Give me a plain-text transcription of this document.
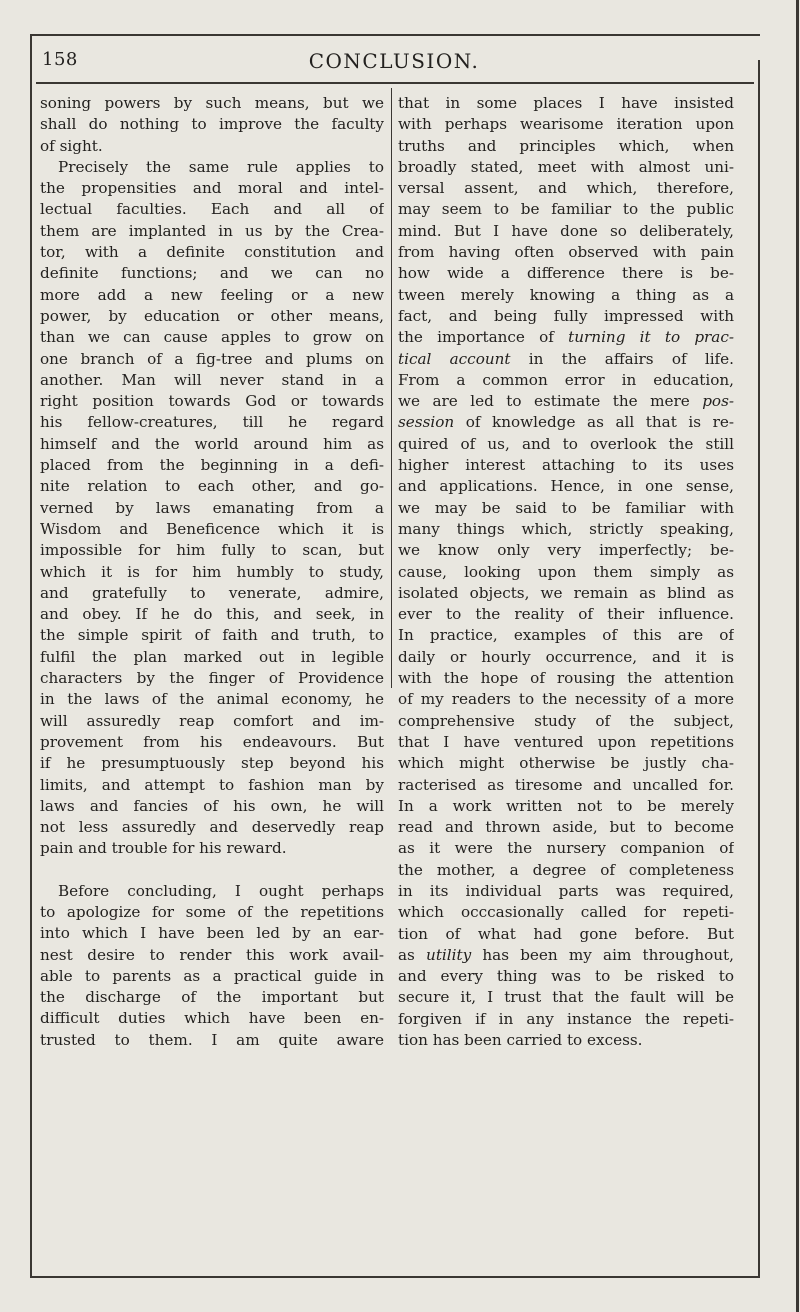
158	CONCLUSION.
soning powers by such means, but we
shall do nothing to improve the faculty
of sight.
Precisely the same rule applies to
the propensities and moral and intel-
lectual faculties. Each and all of
them are implanted in us by the Crea-
tor, with a definite constitution and
definite functions; and we can no
more add a new feeling or a new
power, by education or other means,
than we can cause apples to grow on
one branch of a fig-tree and plums on
another. Man will never stand in a
right position towards God or towards
his fellow-creatures, till he regard
himself and the world around him as
placed from the beginning in a defi-
nite relation to each other, and go-
verned by laws emanating from a
Wisdom and Beneficence which it is
impossible for him fully to scan, but
which it is for him humbly to study,
and gratefully to venerate, admire,
and obey. If he do this, and seek, in
the simple spirit of faith and truth, to
fulfil the plan marked out in legible
characters by the finger of Providence
in the laws of the animal economy, he
will assuredly reap comfort and im-
provement from his endeavours. But
if he presumptuously step beyond his
limits, and attempt to fashion man by
laws and fancies of his own, he will
not less assuredly and deservedly reap
pain and trouble for his reward.
Before concluding, I ought perhaps
to apologize for some of the repetitions
into which I have been led by an ear-
nest desire to render this work avail-
able to parents as a practical guide in
the discharge of the important but
difficult duties which have been en-
trusted to them. I am quite aware
that in some places I have insisted
with perhaps wearisome iteration upon
truths and principles which, when
broadly stated, meet with almost uni-
versal assent, and which, therefore,
may seem to be familiar to the public
mind. But I have done so deliberately,
from having often observed with pain
how wide a difference there is be-
tween merely knowing a thing as a
fact, and being fully impressed with
the importance of turning it to prac-
tical account in the affairs of life.
From a common error in education,
we are led to estimate the mere pos-
session of knowledge as all that is re-
quired of us, and to overlook the still
higher interest attaching to its uses
and applications. Hence, in one sense,
we may be said to be familiar with
many things which, strictly speaking,
we know only very imperfectly; be-
cause, looking upon them simply as
isolated objects, we remain as blind as
ever to the reality of their influence.
In practice, examples of this are of
daily or hourly occurrence, and it is
with the hope of rousing the attention
of my readers to the necessity of a more
comprehensive study of the subject,
that I have ventured upon repetitions
which might otherwise be justly cha-
racterised as tiresome and uncalled for.
In a work written not to be merely
read and thrown aside, but to become
as it were the nursery companion of
the mother, a degree of completeness
in its individual parts was required,
which occcasionally called for repeti-
tion of what had gone before. But
as utility has been my aim throughout,
and every thing was to be risked to
secure it, I trust that the fault will be
forgiven if in any instance the repeti-
tion has been carried to excess.
